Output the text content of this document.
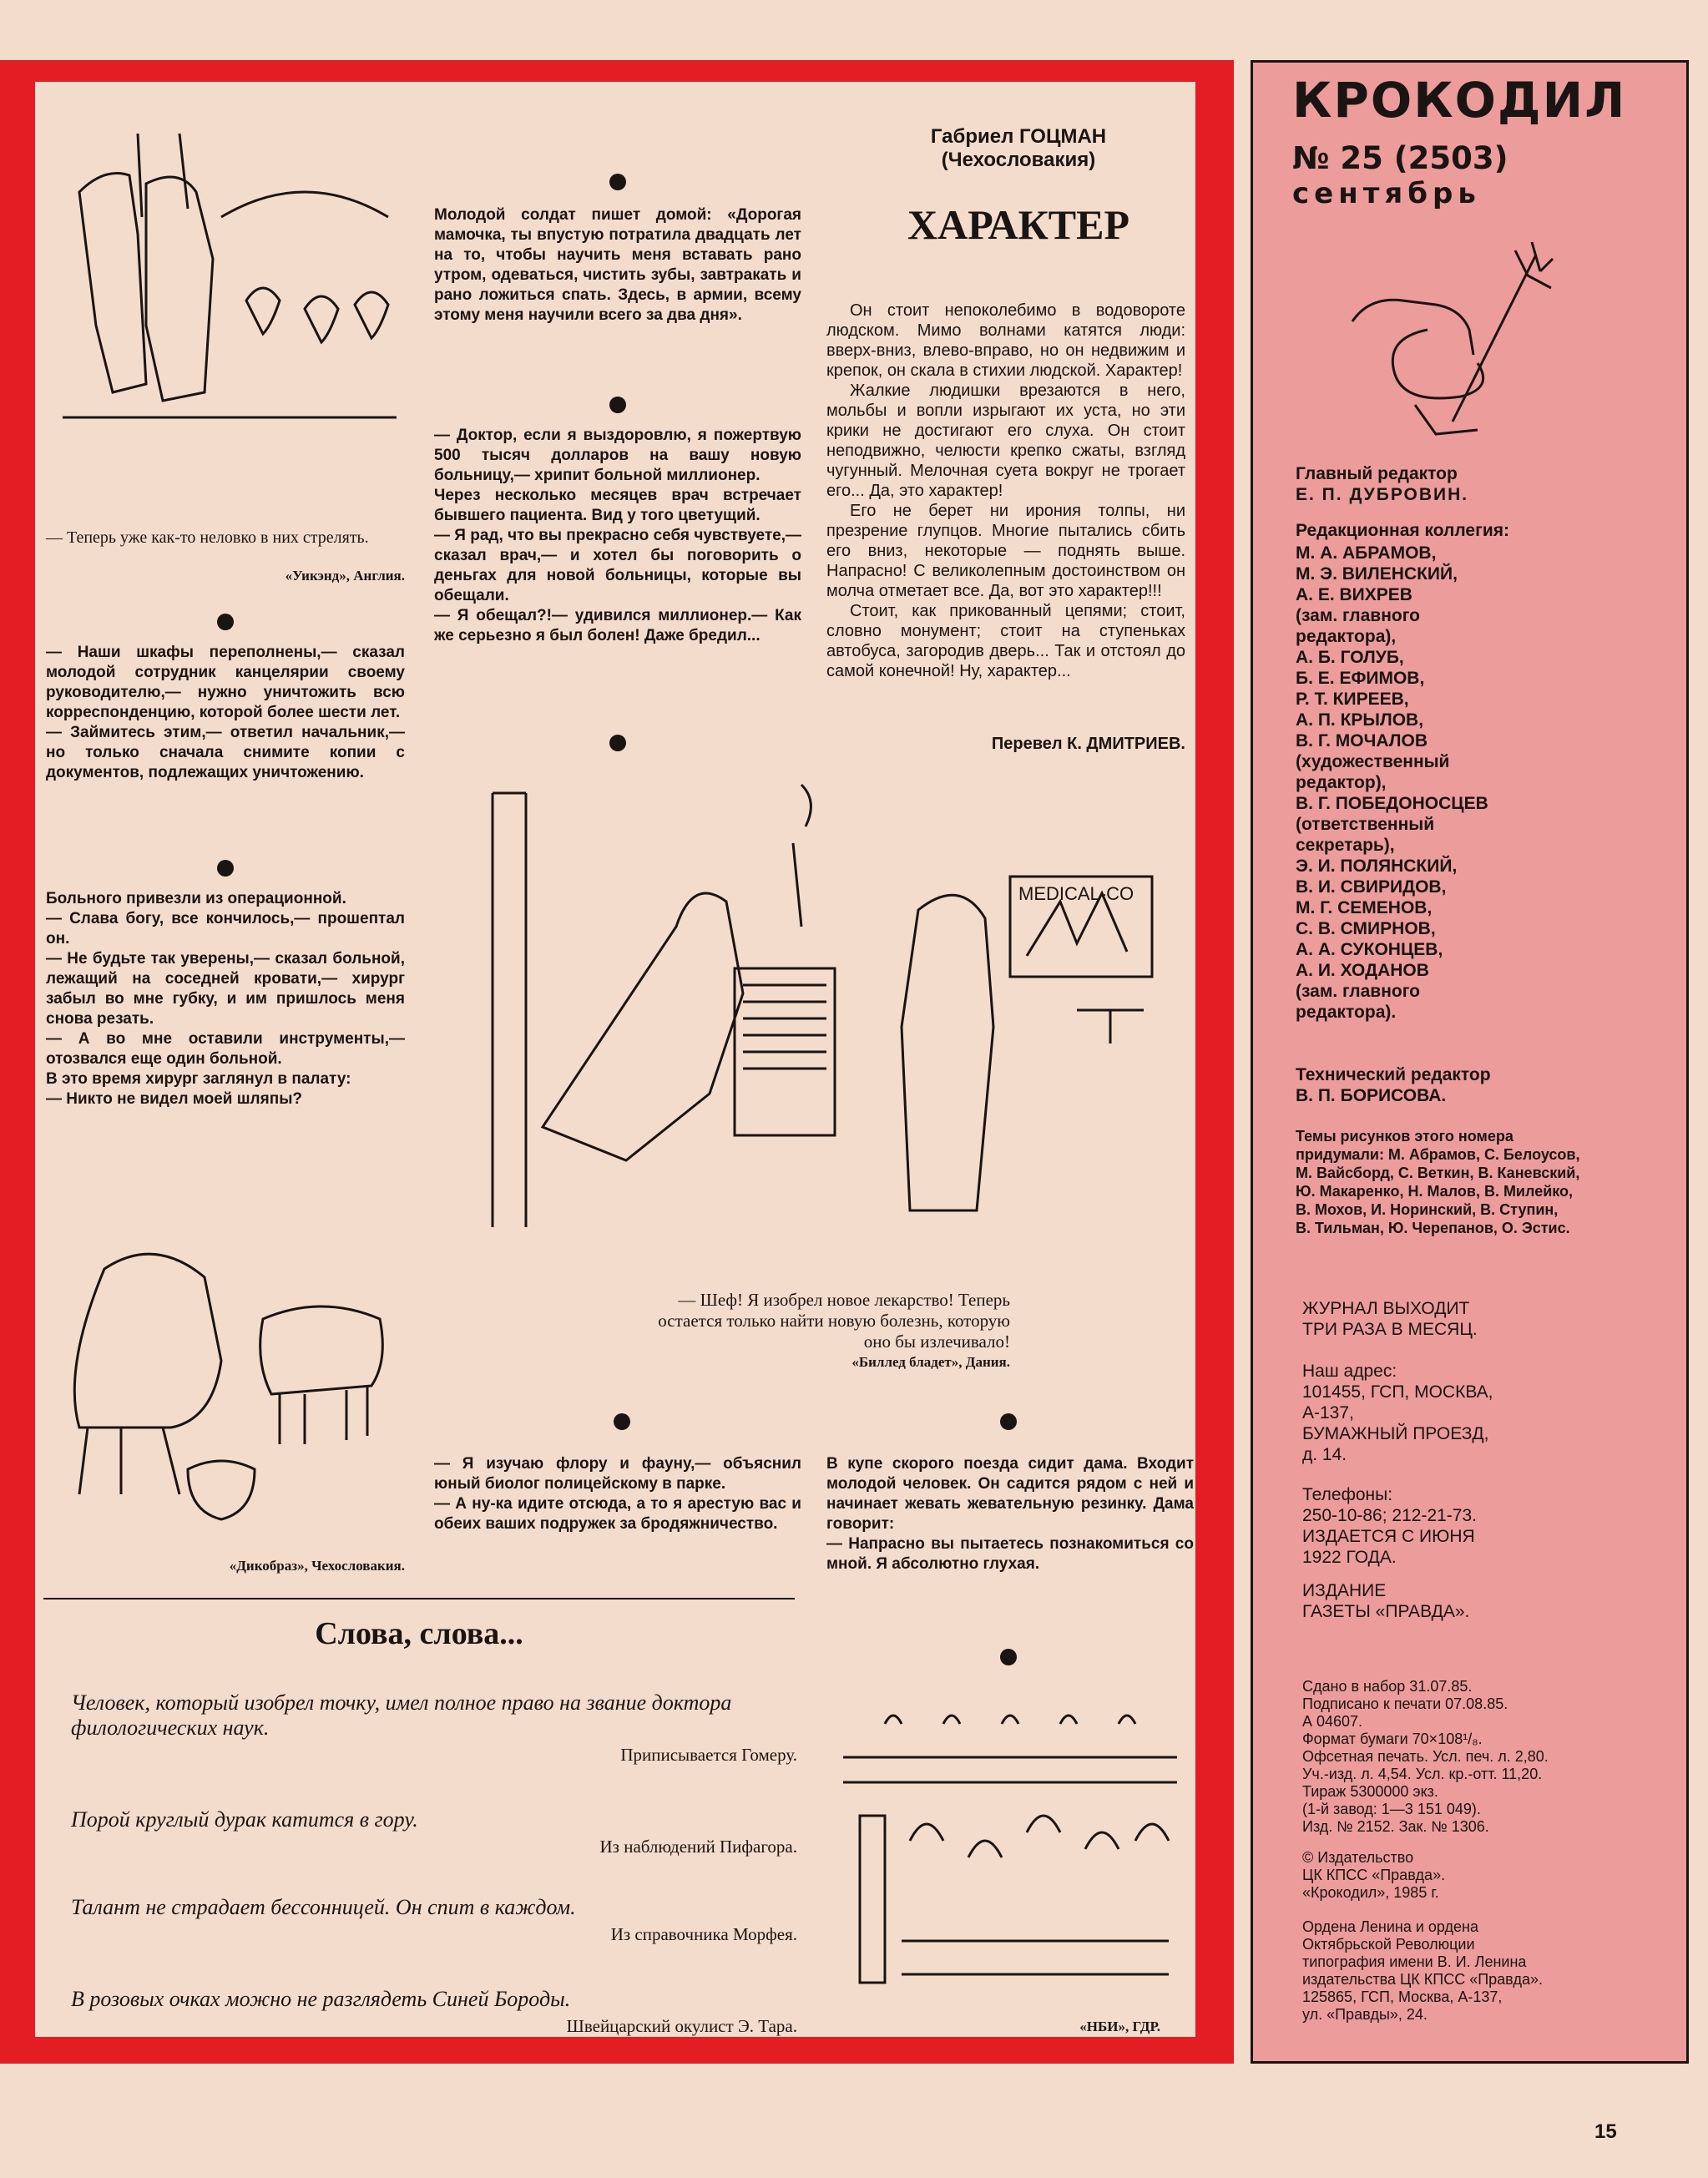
КРОКОДИЛ
№ 25 (2503)
сентябрь
Главный редактор
Е. П. ДУБРОВИН.
Редакционная коллегия:
М. А. АБРАМОВ,
М. Э. ВИЛЕНСКИЙ,
А. Е. ВИХРЕВ
(зам. главного
редактора),
А. Б. ГОЛУБ,
Б. Е. ЕФИМОВ,
Р. Т. КИРЕЕВ,
А. П. КРЫЛОВ,
В. Г. МОЧАЛОВ
(художественный
редактор),
В. Г. ПОБЕДОНОСЦЕВ
(ответственный
секретарь),
Э. И. ПОЛЯНСКИЙ,
В. И. СВИРИДОВ,
М. Г. СЕМЕНОВ,
С. В. СМИРНОВ,
А. А. СУКОНЦЕВ,
А. И. ХОДАНОВ
(зам. главного
редактора).
Технический редактор
В. П. БОРИСОВА.
Темы рисунков этого номера
придумали: М. Абрамов, С. Белоусов,
М. Вайсборд, С. Веткин, В. Каневский,
Ю. Макаренко, Н. Малов, В. Милейко,
В. Мохов, И. Норинский, В. Ступин,
В. Тильман, Ю. Черепанов, О. Эстис.
ЖУРНАЛ ВЫХОДИТ
ТРИ РАЗА В МЕСЯЦ.
Наш адрес:
101455, ГСП, МОСКВА,
А-137,
БУМАЖНЫЙ ПРОЕЗД,
д. 14.
Телефоны:
250-10-86; 212-21-73.
ИЗДАЕТСЯ С ИЮНЯ
1922 ГОДА.
ИЗДАНИЕ
ГАЗЕТЫ «ПРАВДА».
Сдано в набор 31.07.85.
Подписано к печати 07.08.85.
А 04607.
Формат бумаги 70×108¹/₈.
Офсетная печать. Усл. печ. л. 2,80.
Уч.-изд. л. 4,54. Усл. кр.-отт. 11,20.
Тираж 5300000 экз.
(1-й завод: 1—3 151 049).
Изд. № 2152. Зак. № 1306.
© Издательство
ЦК КПСС «Правда».
«Крокодил», 1985 г.
Ордена Ленина и ордена
Октябрьской Революции
типография имени В. И. Ленина
издательства ЦК КПСС «Правда».
125865, ГСП, Москва, А-137,
ул. «Правды», 24.
— Теперь уже как-то неловко в них стрелять.
«Уикэнд», Англия.
— Наши шкафы переполнены,— сказал молодой сотрудник канцелярии своему руководителю,— нужно уничтожить всю корреспонденцию, которой более шести лет.
— Займитесь этим,— ответил начальник,— но только сначала снимите копии с документов, подлежащих уничтожению.
Больного привезли из операционной.
— Слава богу, все кончилось,— прошептал он.
— Не будьте так уверены,— сказал больной, лежащий на соседней кровати,— хирург забыл во мне губку, и им пришлось меня снова резать.
— А во мне оставили инструменты,— отозвался еще один больной.
В это время хирург заглянул в палату:
— Никто не видел моей шляпы?
«Дикобраз», Чехословакия.
Молодой солдат пишет домой: «Дорогая мамочка, ты впустую потратила двадцать лет на то, чтобы научить меня вставать рано утром, одеваться, чистить зубы, завтракать и рано ложиться спать. Здесь, в армии, всему этому меня научили всего за два дня».
— Доктор, если я выздоровлю, я пожертвую 500 тысяч долларов на вашу новую больницу,— хрипит больной миллионер.
Через несколько месяцев врач встречает бывшего пациента. Вид у того цветущий.
— Я рад, что вы прекрасно себя чувствуете,— сказал врач,— и хотел бы поговорить о деньгах для новой больницы, которые вы обещали.
— Я обещал?!— удивился миллионер.— Как же серьезно я был болен! Даже бредил...
Габриел ГОЦМАН
(Чехословакия)
ХАРАКТЕР
Он стоит непоколебимо в водовороте людском. Мимо волнами катятся люди: вверх-вниз, влево-вправо, но он недвижим и крепок, он скала в стихии людской. Характер!
Жалкие людишки врезаются в него, мольбы и вопли изрыгают их уста, но эти крики не достигают его слуха. Он стоит неподвижно, челюсти крепко сжаты, взгляд чугунный. Мелочная суета вокруг не трогает его... Да, это характер!
Его не берет ни ирония толпы, ни презрение глупцов. Многие пытались сбить его вниз, некоторые — поднять выше. Напрасно! С великолепным достоинством он молча отметает все. Да, вот это характер!!!
Стоит, как прикованный цепями; стоит, словно монумент; стоит на ступеньках автобуса, загородив дверь... Так и отстоял до самой конечной! Ну, характер...
Перевел К. ДМИТРИЕВ.
MEDICAL-CO
— Шеф! Я изобрел новое лекарство! Теперь остается только найти новую болезнь, которую оно бы излечивало!
«Биллед бладет», Дания.
— Я изучаю флору и фауну,— объяснил юный биолог полицейскому в парке.
— А ну-ка идите отсюда, а то я арестую вас и обеих ваших подружек за бродяжничество.
В купе скорого поезда сидит дама. Входит молодой человек. Он садится рядом с ней и начинает жевать жевательную резинку. Дама говорит:
— Напрасно вы пытаетесь познакомиться со мной. Я абсолютно глухая.
Слова, слова...
Человек, который изобрел точку, имел полное право на звание доктора филологических наук.
Приписывается Гомеру.
Порой круглый дурак катится в гору.
Из наблюдений Пифагора.
Талант не страдает бессонницей. Он спит в каждом.
Из справочника Морфея.
В розовых очках можно не разглядеть Синей Бороды.
Швейцарский окулист Э. Тара.	«НБИ», ГДР.
15
